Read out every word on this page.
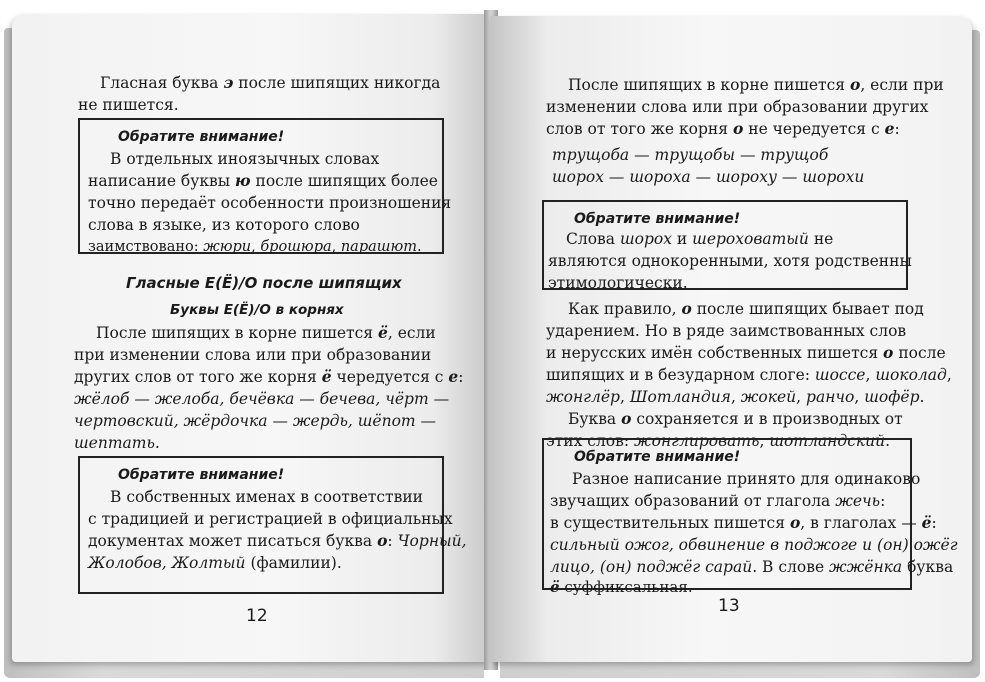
Гласная буква э после шипящих никогда
не пишется.
Обратите внимание!
В отдельных иноязычных словах
написание буквы ю после шипящих более
точно передаёт особенности произношения
слова в языке, из которого слово
заимствовано: жюри, брошюра, парашют.
Гласные Е(Ё)/О после шипящих
Буквы Е(Ё)/О в корнях
После шипящих в корне пишется ё, если
при изменении слова или при образовании
других слов от того же корня ё чередуется с е:
жёлоб — желоба, бечёвка — бечева, чёрт —
чертовский, жёрдочка — жердь, шёпот —
шептать.
Обратите внимание!
В собственных именах в соответствии
с традицией и регистрацией в официальных
документах может писаться буква о: Чорный,
Жолобов, Жолтый (фамилии).
12
После шипящих в корне пишется о, если при
изменении слова или при образовании других
слов от того же корня о не чередуется с е:
трущоба — трущобы — трущоб
шорох — шороха — шороху — шорохи
Обратите внимание!
Слова шорох и шероховатый не
являются однокоренными, хотя родственны
этимологически.
Как правило, о после шипящих бывает под
ударением. Но в ряде заимствованных слов
и нерусских имён собственных пишется о после
шипящих и в безударном слоге: шоссе, шоколад,
жонглёр, Шотландия, жокей, ранчо, шофёр.
Буква о сохраняется и в производных от
этих слов: жонглировать, шотландский.
Обратите внимание!
Разное написание принято для одинаково
звучащих образований от глагола жечь:
в существительных пишется о, в глаголах — ё:
сильный ожог, обвинение в поджоге и (он) ожёг
лицо, (он) поджёг сарай. В слове жжёнка буква
ё суффиксальная.
13
